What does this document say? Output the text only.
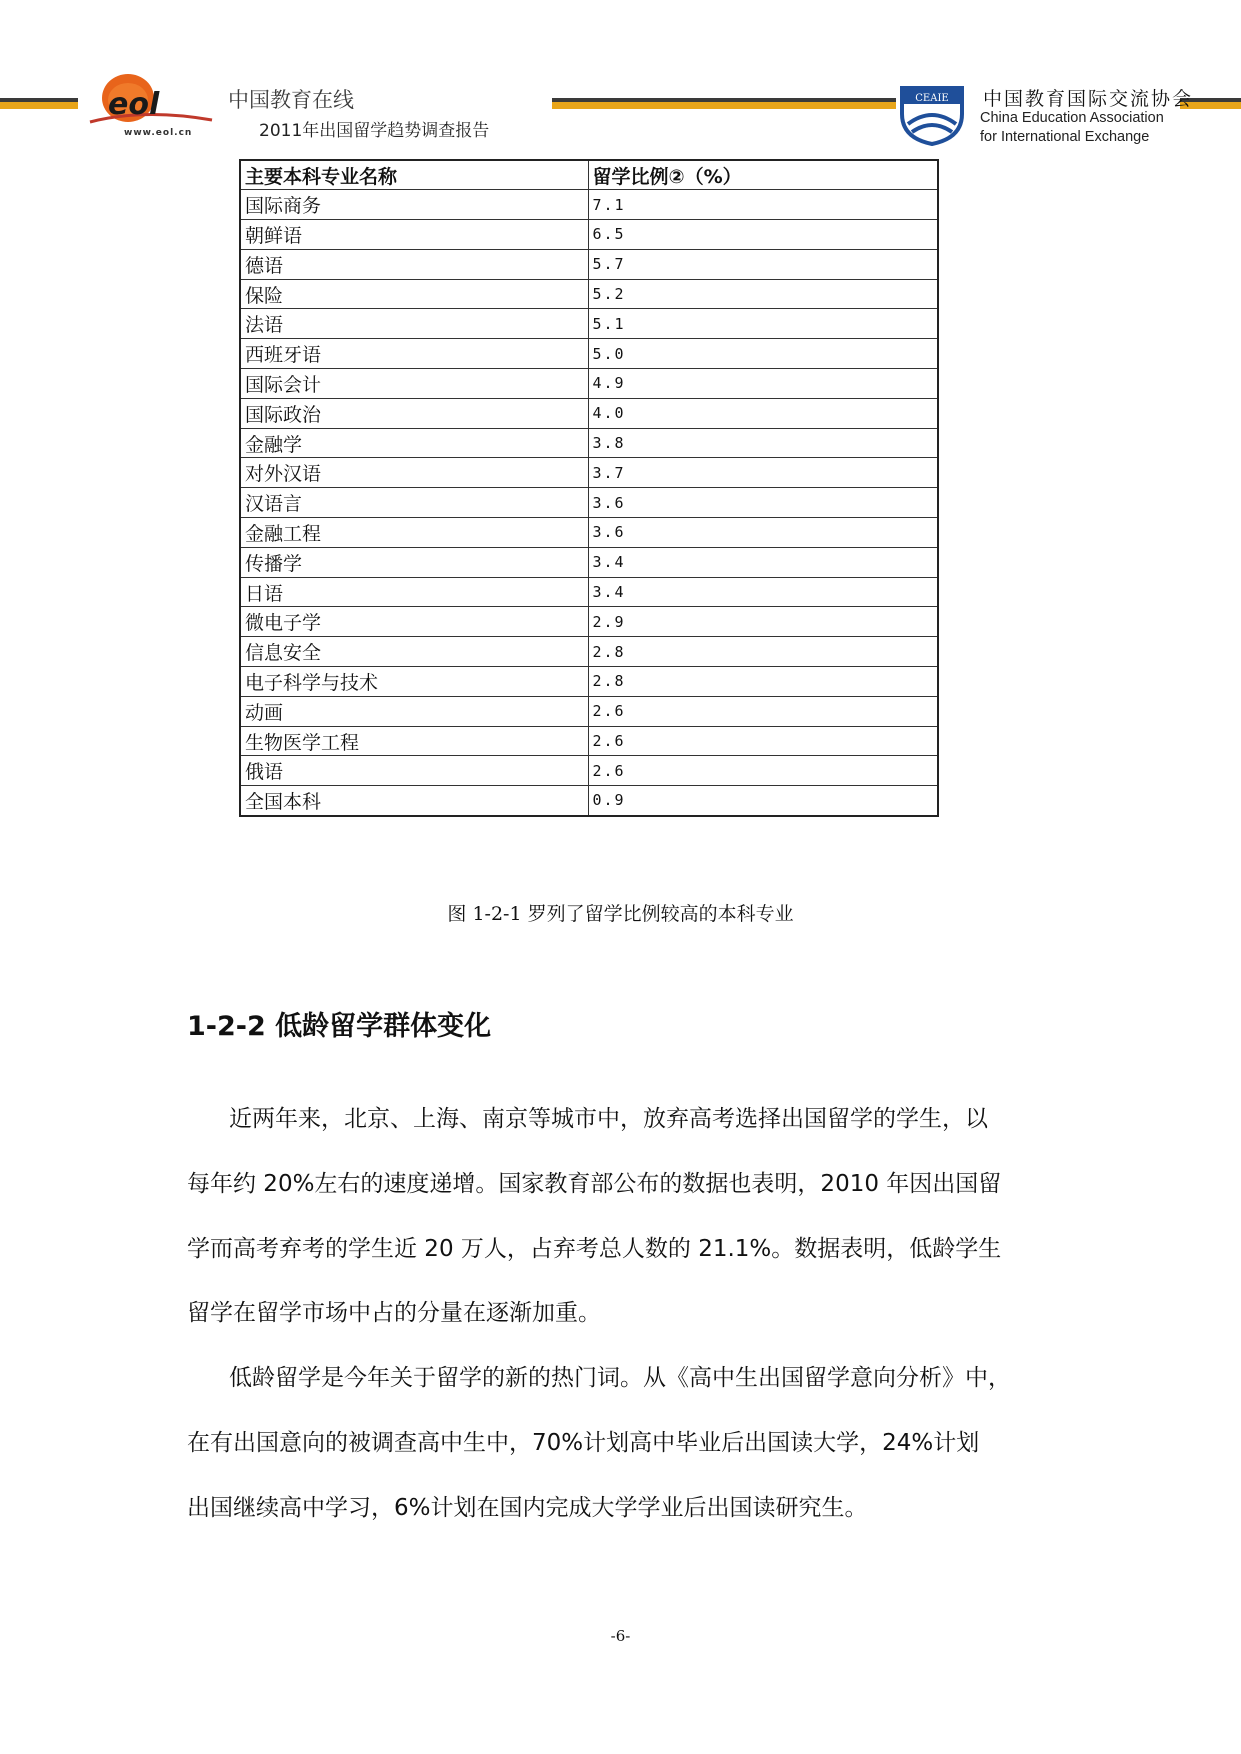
eol
www.eol.cn
中国教育在线
2011年出国留学趋势调查报告
CEAIE 中国教育国际交流协会
China Education Association
for International Exchange
主要本科专业名称	留学比例②（%）
国际商务	7.1
朝鲜语	6.5
德语	5.7
保险	5.2
法语	5.1
西班牙语	5.0
国际会计	4.9
国际政治	4.0
金融学	3.8
对外汉语	3.7
汉语言	3.6
金融工程	3.6
传播学	3.4
日语	3.4
微电子学	2.9
信息安全	2.8
电子科学与技术	2.8
动画	2.6
生物医学工程	2.6
俄语	2.6
全国本科	0.9
图 1-2-1 罗列了留学比例较高的本科专业
1-2-2 低龄留学群体变化
近两年来，北京、上海、南京等城市中，放弃高考选择出国留学的学生，以
每年约 20%左右的速度递增。国家教育部公布的数据也表明，2010 年因出国留
学而高考弃考的学生近 20 万人，占弃考总人数的 21.1%。数据表明，低龄学生
留学在留学市场中占的分量在逐渐加重。
低龄留学是今年关于留学的新的热门词。从《高中生出国留学意向分析》中，
在有出国意向的被调查高中生中，70%计划高中毕业后出国读大学，24%计划
出国继续高中学习，6%计划在国内完成大学学业后出国读研究生。
-6-
